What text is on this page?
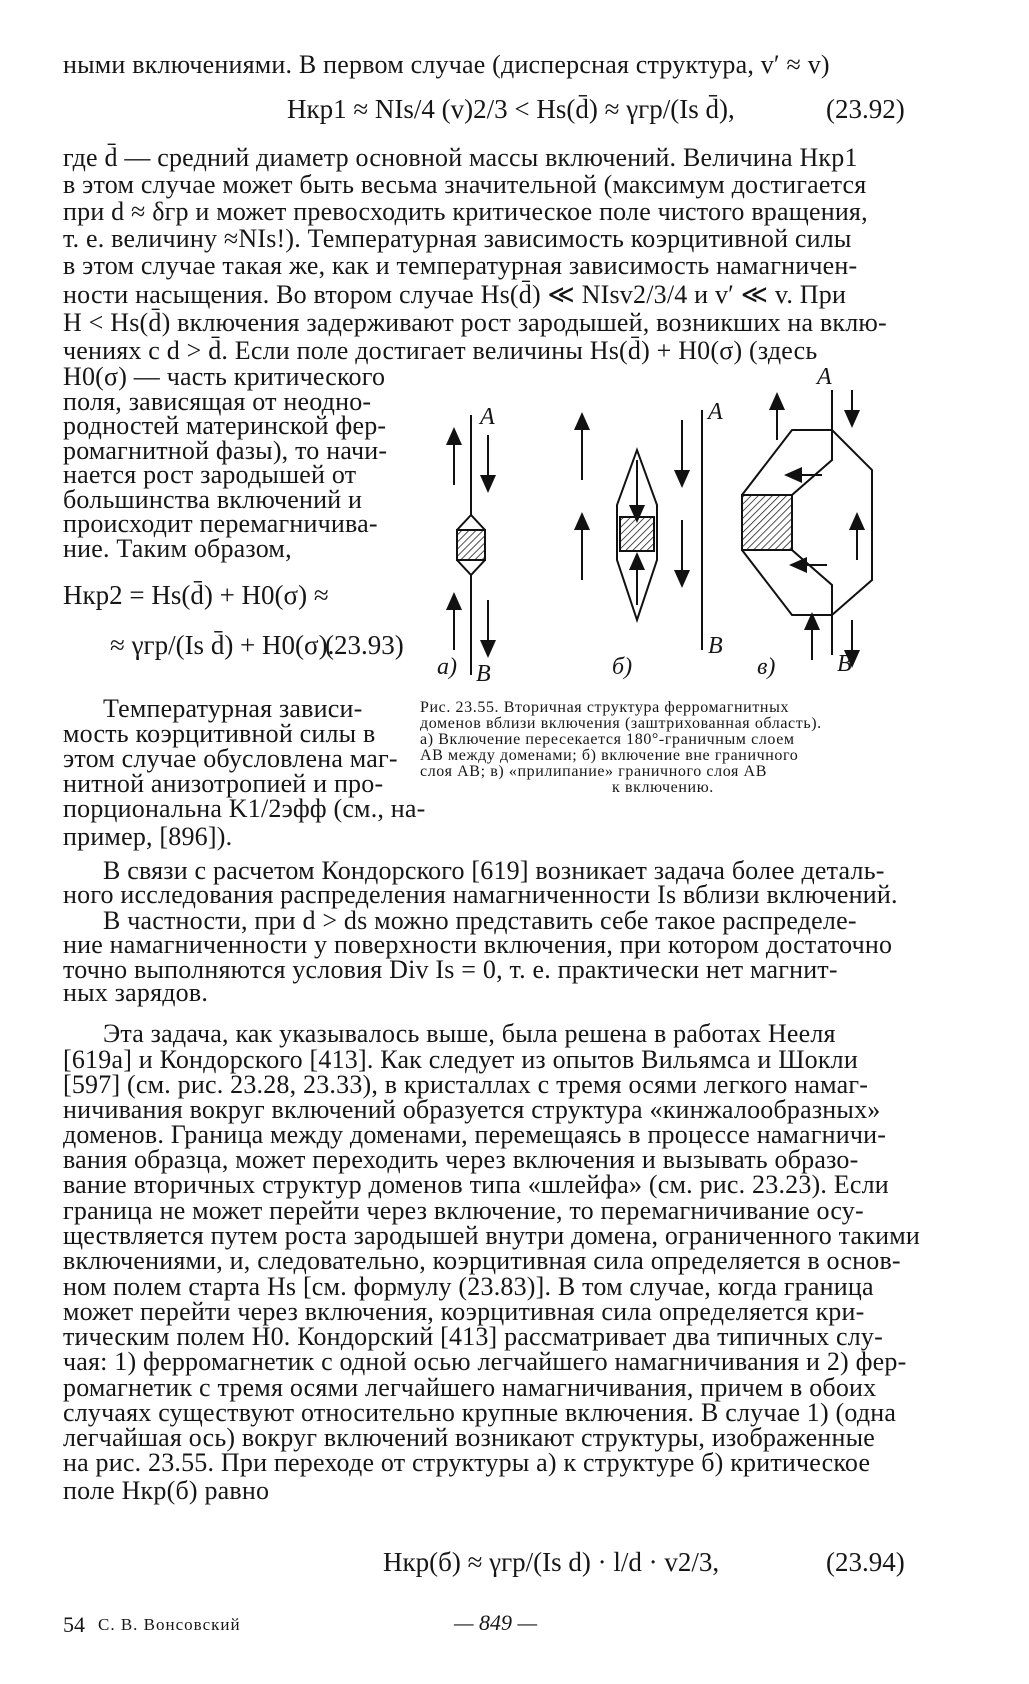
ными включениями. В первом случае (дисперсная структура, v′ ≈ v)
Hкр1 ≈ NIs/4 (v)2/3 < Hs(d̄) ≈ γгр/(Is d̄),	(23.92)
где d̄ — средний диаметр основной массы включений. Величина Hкр1
в этом случае может быть весьма значительной (максимум достигается
при d ≈ δгр и может превосходить критическое поле чистого вращения,
т. е. величину ≈NIs!). Температурная зависимость коэрцитивной силы
в этом случае такая же, как и температурная зависимость намагничен-
ности насыщения. Во втором случае Hs(d̄) ≪ NIsv2/3/4 и v′ ≪ v. При
H < Hs(d̄) включения задерживают рост зародышей, возникших на вклю-
чениях с d > d̄. Если поле достигает величины Hs(d̄) + H0(σ) (здесь
H0(σ) — часть критического
поля, зависящая от неодно-
родностей материнской фер-
ромагнитной фазы), то начи-
нается рост зародышей от
большинства включений и
происходит перемагничива-
ние. Таким образом,
Hкр2 = Hs(d̄) + H0(σ) ≈
≈ γгр/(Is d̄) + H0(σ).
(23.93)
Температурная зависи-
мость коэрцитивной силы в
этом случае обусловлена маг-
нитной анизотропией и про-
порциональна K1/2эфф (см., на-
пример, [896]).
A
B
A
B
A
B
а)	б)	в)
Рис. 23.55. Вторичная структура ферромагнитных
доменов вблизи включения (заштрихованная область).
а) Включение пересекается 180°-граничным слоем
AB между доменами; б) включение вне граничного
слоя AB; в) «прилипание» граничного слоя AB
к включению.
В связи с расчетом Кондорского [619] возникает задача более деталь-
ного исследования распределения намагниченности Is вблизи включений.
В частности, при d > ds можно представить себе такое распределе-
ние намагниченности у поверхности включения, при котором достаточно
точно выполняются условия Div Is = 0, т. е. практически нет магнит-
ных зарядов.
Эта задача, как указывалось выше, была решена в работах Нееля
[619а] и Кондорского [413]. Как следует из опытов Вильямса и Шокли
[597] (см. рис. 23.28, 23.33), в кристаллах с тремя осями легкого намаг-
ничивания вокруг включений образуется структура «кинжалообразных»
доменов. Граница между доменами, перемещаясь в процессе намагничи-
вания образца, может переходить через включения и вызывать образо-
вание вторичных структур доменов типа «шлейфа» (см. рис. 23.23). Если
граница не может перейти через включение, то перемагничивание осу-
ществляется путем роста зародышей внутри домена, ограниченного такими
включениями, и, следовательно, коэрцитивная сила определяется в основ-
ном полем старта Hs [см. формулу (23.83)]. В том случае, когда граница
может перейти через включения, коэрцитивная сила определяется кри-
тическим полем H0. Кондорский [413] рассматривает два типичных слу-
чая: 1) ферромагнетик с одной осью легчайшего намагничивания и 2) фер-
ромагнетик с тремя осями легчайшего намагничивания, причем в обоих
случаях существуют относительно крупные включения. В случае 1) (одна
легчайшая ось) вокруг включений возникают структуры, изображенные
на рис. 23.55. При переходе от структуры а) к структуре б) критическое
поле Hкр(б) равно
Hкр(б) ≈ γгр/(Is d) · l/d · v2/3,	(23.94)
54 С. В. Вонсовский	— 849 —
